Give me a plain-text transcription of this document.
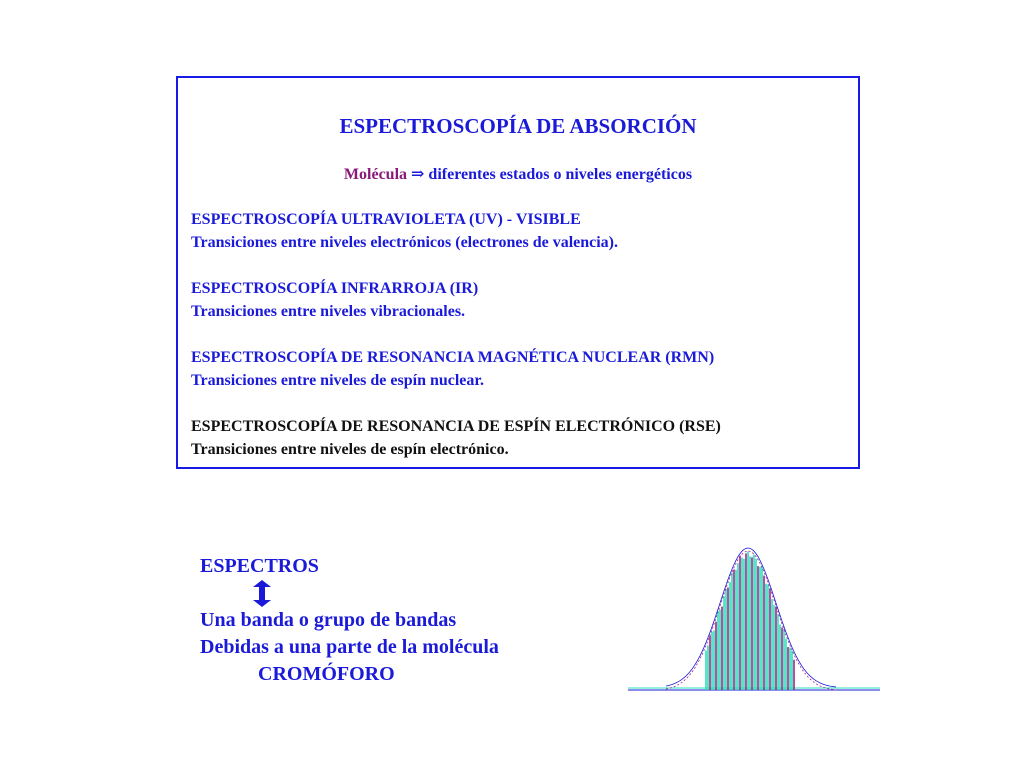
ESPECTROSCOPÍA DE ABSORCIÓN
Molécula ⇒ diferentes estados o niveles energéticos
ESPECTROSCOPÍA ULTRAVIOLETA (UV) - VISIBLE
Transiciones entre niveles electrónicos (electrones de valencia).
ESPECTROSCOPÍA INFRARROJA (IR)
Transiciones entre niveles vibracionales.
ESPECTROSCOPÍA DE RESONANCIA MAGNÉTICA NUCLEAR (RMN)
Transiciones entre niveles de espín nuclear.
ESPECTROSCOPÍA DE RESONANCIA DE ESPÍN ELECTRÓNICO (RSE)
Transiciones entre niveles de espín electrónico.
ESPECTROS
Una banda o grupo de bandas
Debidas a una parte de la molécula
CROMÓFORO
